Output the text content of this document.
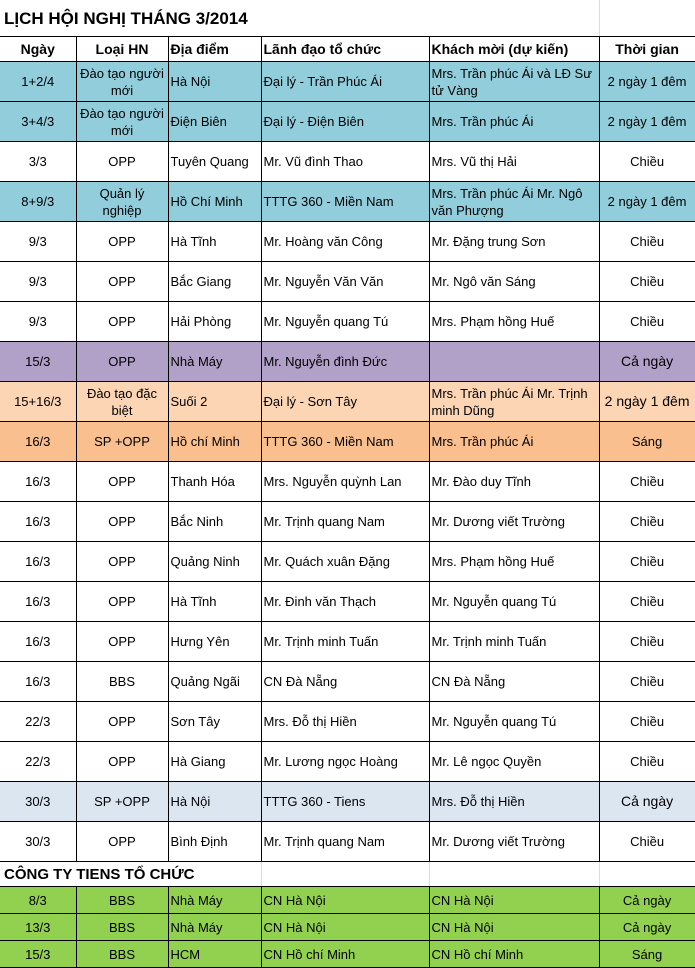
LỊCH HỘI NGHỊ THÁNG 3/2014					
Ngày	Loại HN	Địa điểm	Lãnh đạo tổ chức	Khách mời (dự kiến)	Thời gian
1+2/4	Đào tạo người mới	Hà Nội	Đại lý - Trần Phúc Ái	Mrs. Trần phúc Ái và LĐ Sư tử Vàng	2 ngày 1 đêm
3+4/3	Đào tạo người mới	Điện Biên	Đại lý - Điện Biên	Mrs. Trần phúc Ái	2 ngày 1 đêm
3/3	OPP	Tuyên Quang	Mr. Vũ đình Thao	Mrs. Vũ thị Hải	Chiều
8+9/3	Quản lý nghiệp	Hồ Chí Minh	TTTG 360 - Miền Nam	Mrs. Trần phúc Ái Mr. Ngô văn Phượng	2 ngày 1 đêm
9/3	OPP	Hà Tĩnh	Mr. Hoàng văn Công	Mr. Đặng trung Sơn	Chiều
9/3	OPP	Bắc Giang	Mr. Nguyễn Văn Văn	Mr. Ngô văn Sáng	Chiều
9/3	OPP	Hải Phòng	Mr. Nguyễn quang Tú	Mrs. Phạm hồng Huế	Chiều
15/3	OPP	Nhà Máy	Mr. Nguyễn đình Đức		Cả ngày
15+16/3	Đào tạo đặc biệt	Suối 2	Đại lý - Sơn Tây	Mrs. Trần phúc Ái Mr. Trịnh minh Dũng	2 ngày 1 đêm
16/3	SP +OPP	Hồ chí Minh	TTTG 360 - Miền Nam	Mrs. Trần phúc Ái	Sáng
16/3	OPP	Thanh Hóa	Mrs. Nguyễn quỳnh Lan	Mr. Đào duy Tĩnh	Chiều
16/3	OPP	Bắc Ninh	Mr. Trịnh quang Nam	Mr. Dương viết Trường	Chiều
16/3	OPP	Quảng Ninh	Mr. Quách xuân Đặng	Mrs. Phạm hồng Huế	Chiều
16/3	OPP	Hà Tĩnh	Mr. Đinh văn Thạch	Mr. Nguyễn quang Tú	Chiều
16/3	OPP	Hưng Yên	Mr. Trịnh minh Tuấn	Mr. Trịnh minh Tuấn	Chiều
16/3	BBS	Quảng Ngãi	CN Đà Nẵng	CN Đà Nẵng	Chiều
22/3	OPP	Sơn Tây	Mrs. Đỗ thị Hiền	Mr. Nguyễn quang Tú	Chiều
22/3	OPP	Hà Giang	Mr. Lương ngọc Hoàng	Mr. Lê ngọc Quyền	Chiều
30/3	SP +OPP	Hà Nội	TTTG 360 - Tiens	Mrs. Đỗ thị Hiền	Cả ngày
30/3	OPP	Bình Định	Mr. Trịnh quang Nam	Mr. Dương viết Trường	Chiều
CÔNG TY TIENS TỔ CHỨC					
8/3	BBS	Nhà Máy	CN Hà Nội	CN Hà Nội	Cả ngày
13/3	BBS	Nhà Máy	CN Hà Nội	CN Hà Nội	Cả ngày
15/3	BBS	HCM	CN Hồ chí Minh	CN Hồ chí Minh	Sáng
